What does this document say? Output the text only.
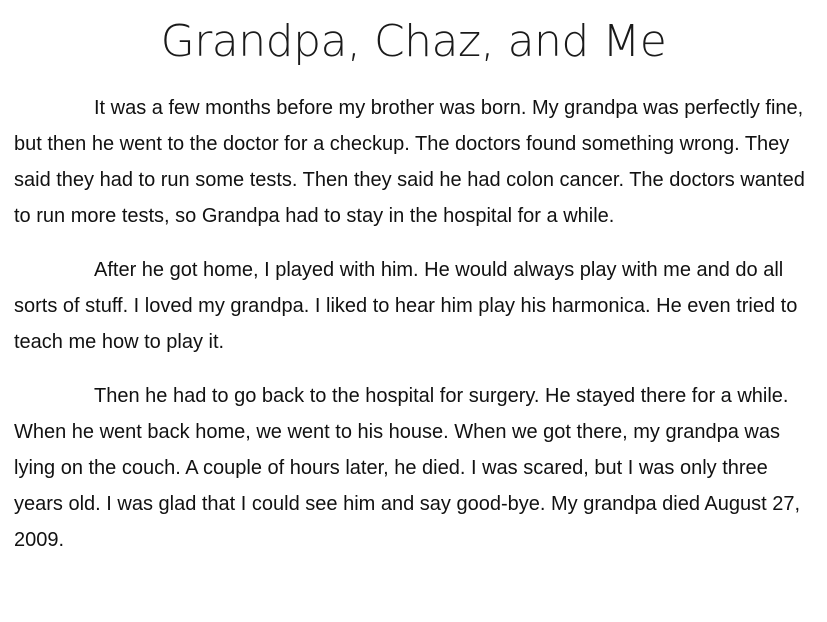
Grandpa, Chaz, and Me

It was a few months before my brother was born. My grandpa was perfectly fine, but then he went to the doctor for a checkup. The doctors found something wrong. They said they had to run some tests. Then they said he had colon cancer. The doctors wanted to run more tests, so Grandpa had to stay in the hospital for a while.

After he got home, I played with him. He would always play with me and do all sorts of stuff. I loved my grandpa. I liked to hear him play his harmonica. He even tried to teach me how to play it.

Then he had to go back to the hospital for surgery. He stayed there for a while. When he went back home, we went to his house. When we got there, my grandpa was lying on the couch. A couple of hours later, he died. I was scared, but I was only three years old. I was glad that I could see him and say good-bye. My grandpa died August 27, 2009.
